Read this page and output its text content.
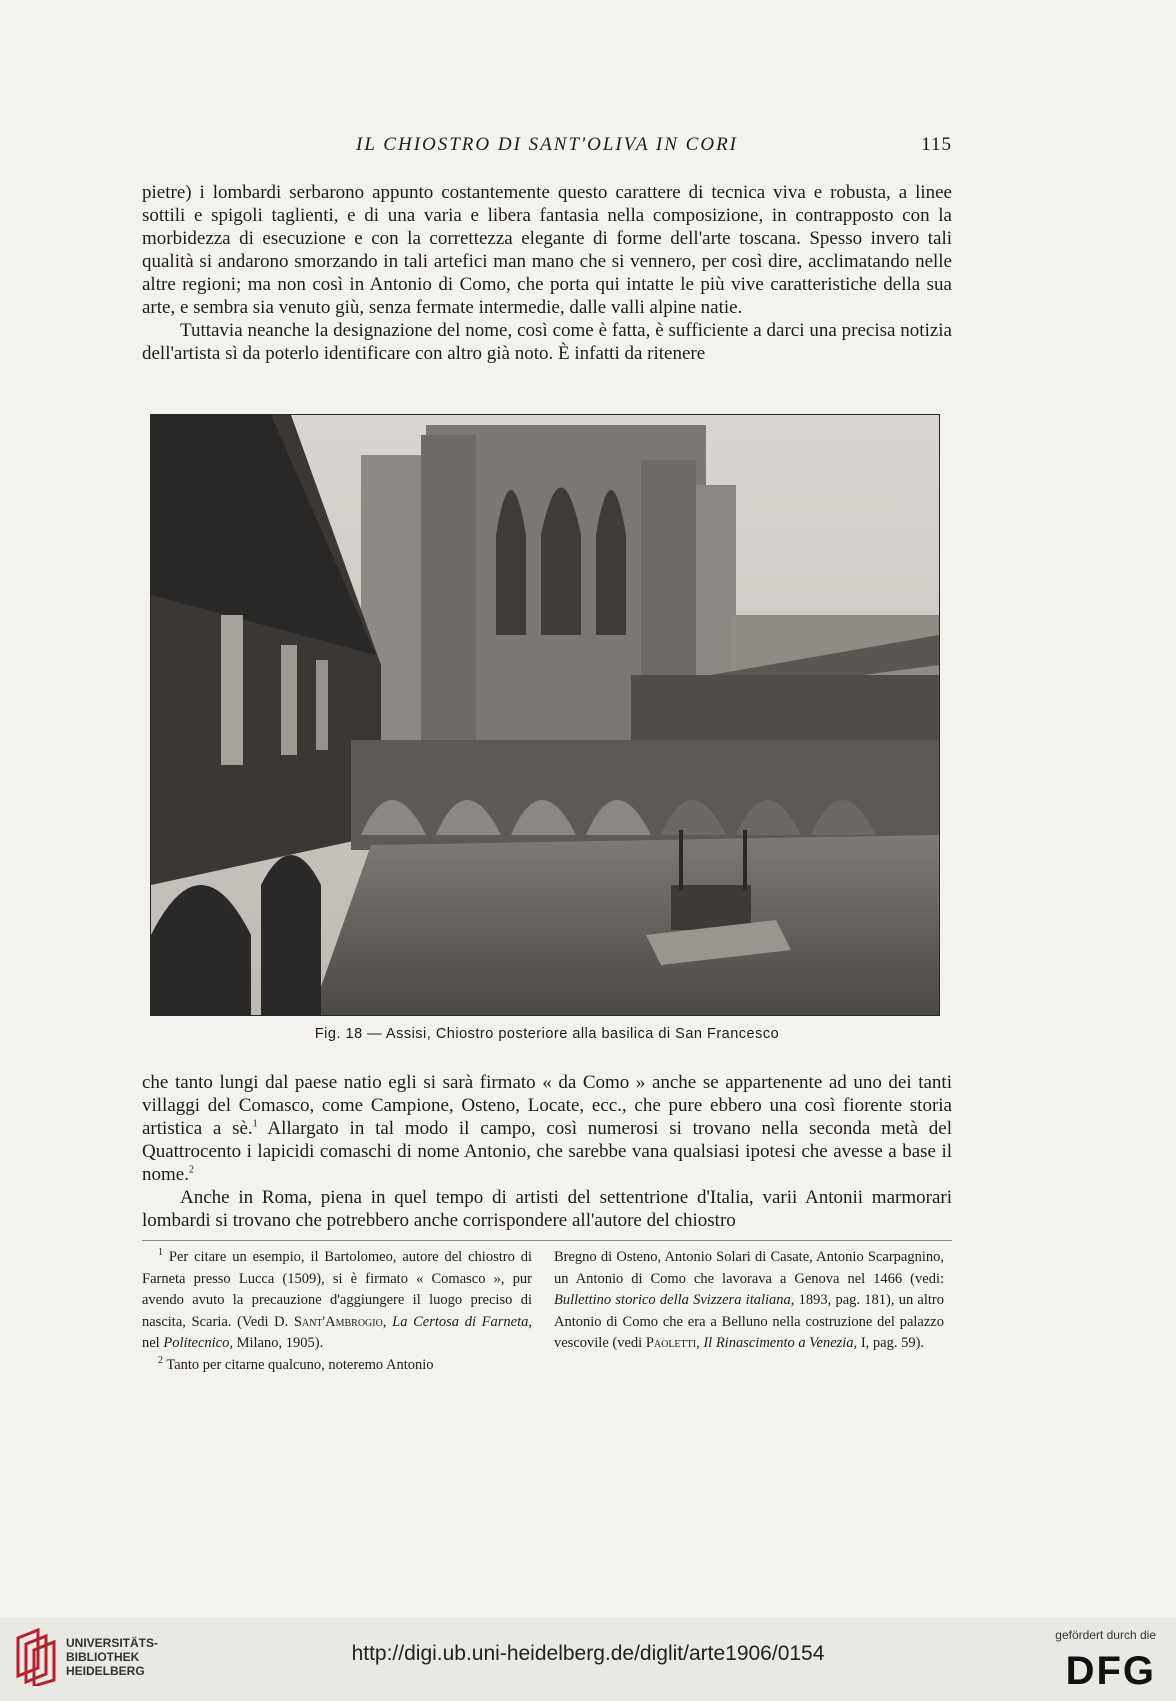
IL CHIOSTRO DI SANT'OLIVA IN CORI	115

pietre) i lombardi serbarono appunto costantemente questo carattere di tecnica viva e robusta, a linee sottili e spigoli taglienti, e di una varia e libera fantasia nella composizione, in contrapposto con la morbidezza di esecuzione e con la correttezza elegante di forme dell'arte toscana. Spesso invero tali qualità si andarono smorzando in tali artefici man mano che si vennero, per così dire, acclimatando nelle altre regioni; ma non così in Antonio di Como, che porta qui intatte le più vive caratteristiche della sua arte, e sembra sia venuto giù, senza fermate intermedie, dalle valli alpine natie.

Tuttavia neanche la designazione del nome, così come è fatta, è sufficiente a darci una precisa notizia dell'artista sì da poterlo identificare con altro già noto. È infatti da ritenere

Fig. 18 — Assisi, Chiostro posteriore alla basilica di San Francesco

che tanto lungi dal paese natio egli si sarà firmato « da Como » anche se appartenente ad uno dei tanti villaggi del Comasco, come Campione, Osteno, Locate, ecc., che pure ebbero una così fiorente storia artistica a sè.$^1$ Allargato in tal modo il campo, così numerosi si trovano nella seconda metà del Quattrocento i lapicidi comaschi di nome Antonio, che sarebbe vana qualsiasi ipotesi che avesse a base il nome.$^2$

Anche in Roma, piena in quel tempo di artisti del settentrione d'Italia, varii Antonii marmorari lombardi si trovano che potrebbero anche corrispondere all'autore del chiostro

$^1$ Per citare un esempio, il Bartolomeo, autore del chiostro di Farneta presso Lucca (1509), si è firmato « Comasco », pur avendo avuto la precauzione d'aggiungere il luogo preciso di nascita, Scaria. (Vedi D. Sant'Ambrogio, La Certosa di Farneta, nel Politecnico, Milano, 1905).

$^2$ Tanto per citarne qualcuno, noteremo Antonio

Bregno di Osteno, Antonio Solari di Casate, Antonio Scarpagnino, un Antonio di Como che lavorava a Genova nel 1466 (vedi: Bullettino storico della Svizzera italiana, 1893, pag. 181), un altro Antonio di Como che era a Belluno nella costruzione del palazzo vescovile (vedi Paoletti, Il Rinascimento a Venezia, I, pag. 59).

UNIVERSITÄTS-
BIBLIOTHEK
HEIDELBERG
http://digi.ub.uni-heidelberg.de/diglit/arte1906/0154
gefördert durch die
DFG
